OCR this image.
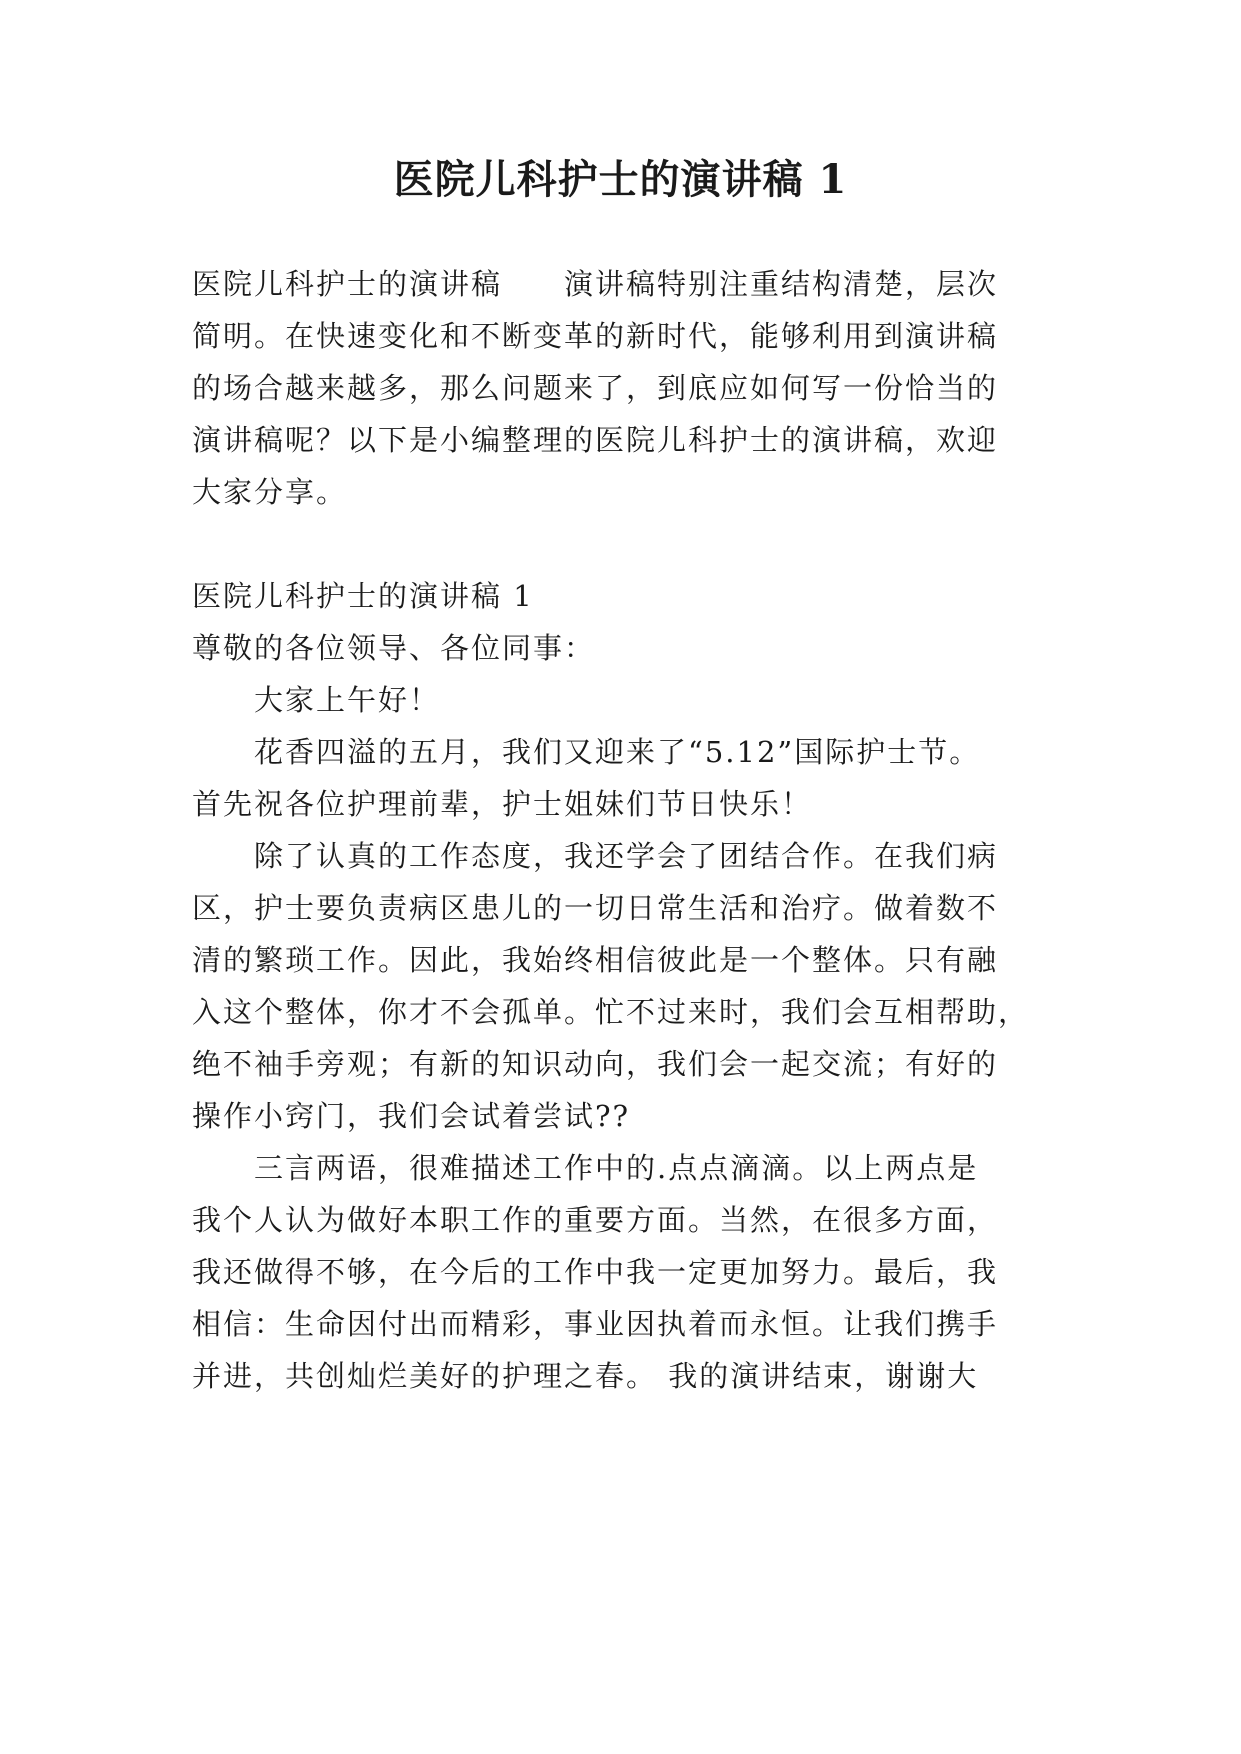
医院儿科护士的演讲稿 1

医院儿科护士的演讲稿　　演讲稿特别注重结构清楚，层次

简明。在快速变化和不断变革的新时代，能够利用到演讲稿

的场合越来越多，那么问题来了，到底应如何写一份恰当的

演讲稿呢？以下是小编整理的医院儿科护士的演讲稿，欢迎

大家分享。

医院儿科护士的演讲稿 1

尊敬的各位领导、各位同事：

大家上午好！

花香四溢的五月，我们又迎来了“5.12”国际护士节。

首先祝各位护理前辈，护士姐妹们节日快乐！

除了认真的工作态度，我还学会了团结合作。在我们病

区，护士要负责病区患儿的一切日常生活和治疗。做着数不

清的繁琐工作。因此，我始终相信彼此是一个整体。只有融

入这个整体，你才不会孤单。忙不过来时，我们会互相帮助，

绝不袖手旁观；有新的知识动向，我们会一起交流；有好的

操作小窍门，我们会试着尝试??

三言两语，很难描述工作中的.点点滴滴。以上两点是

我个人认为做好本职工作的重要方面。当然，在很多方面，

我还做得不够，在今后的工作中我一定更加努力。最后，我

相信：生命因付出而精彩，事业因执着而永恒。让我们携手

并进，共创灿烂美好的护理之春。 我的演讲结束，谢谢大
